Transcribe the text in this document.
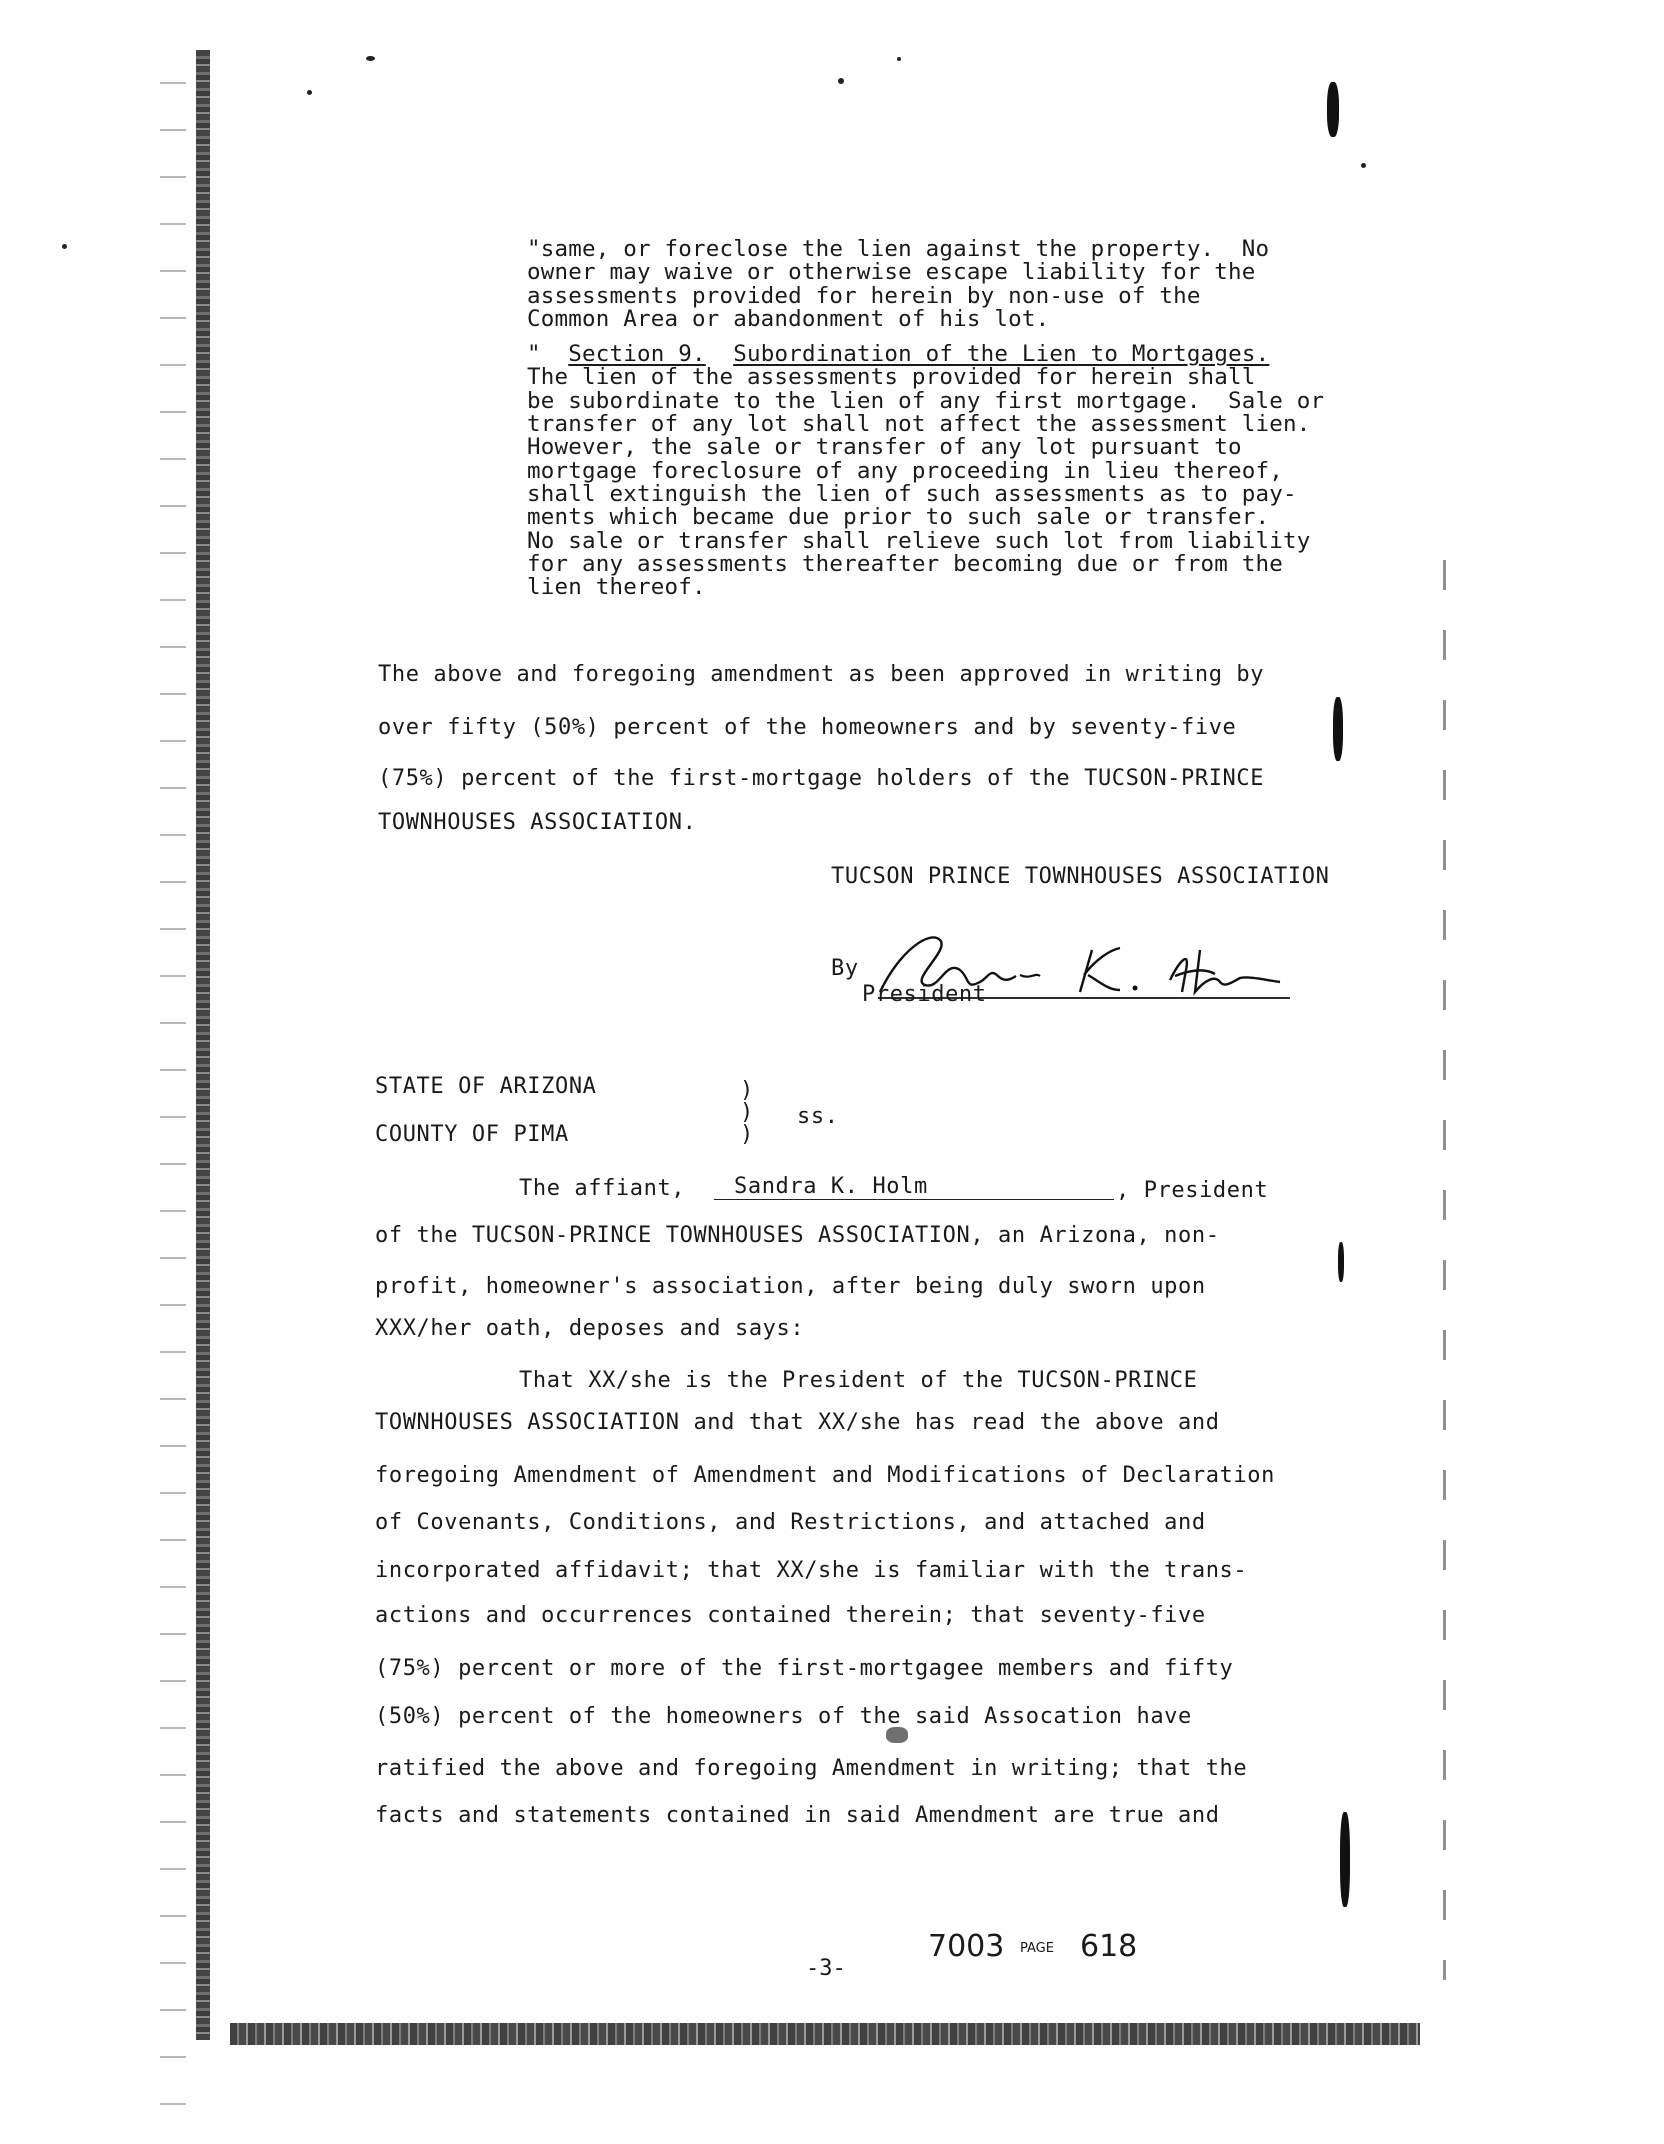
"same, or foreclose the lien against the property.  No

owner may waive or otherwise escape liability for the

assessments provided for herein by non-use of the

Common Area or abandonment of his lot.

" Section 9. Subordination of the Lien to Mortgages.

The lien of the assessments provided for herein shall

be subordinate to the lien of any first mortgage.  Sale or

transfer of any lot shall not affect the assessment lien.

However, the sale or transfer of any lot pursuant to

mortgage foreclosure of any proceeding in lieu thereof,

shall extinguish the lien of such assessments as to pay-

ments which became due prior to such sale or transfer.

No sale or transfer shall relieve such lot from liability

for any assessments thereafter becoming due or from the

lien thereof.

The above and foregoing amendment as been approved in writing by
over fifty (50%) percent of the homeowners and by seventy-five
(75%) percent of the first-mortgage holders of the TUCSON-PRINCE
TOWNHOUSES ASSOCIATION.
TUCSON PRINCE TOWNHOUSES ASSOCIATION
By
President
STATE OF ARIZONA
COUNTY OF PIMA
)
)
)
ss.
The affiant,	Sandra K. Holm	, President
of the TUCSON-PRINCE TOWNHOUSES ASSOCIATION, an Arizona, non-
profit, homeowner's association, after being duly sworn upon
XXX/her oath, deposes and says:
That XX/she is the President of the TUCSON-PRINCE
TOWNHOUSES ASSOCIATION and that XX/she has read the above and
foregoing Amendment of Amendment and Modifications of Declaration
of Covenants, Conditions, and Restrictions, and attached and
incorporated affidavit; that XX/she is familiar with the trans-
actions and occurrences contained therein; that seventy-five
(75%) percent or more of the first-mortgagee members and fifty
(50%) percent of the homeowners of the said Assocation have
ratified the above and foregoing Amendment in writing; that the
facts and statements contained in said Amendment are true and
-3-
7003 PAGE 618
